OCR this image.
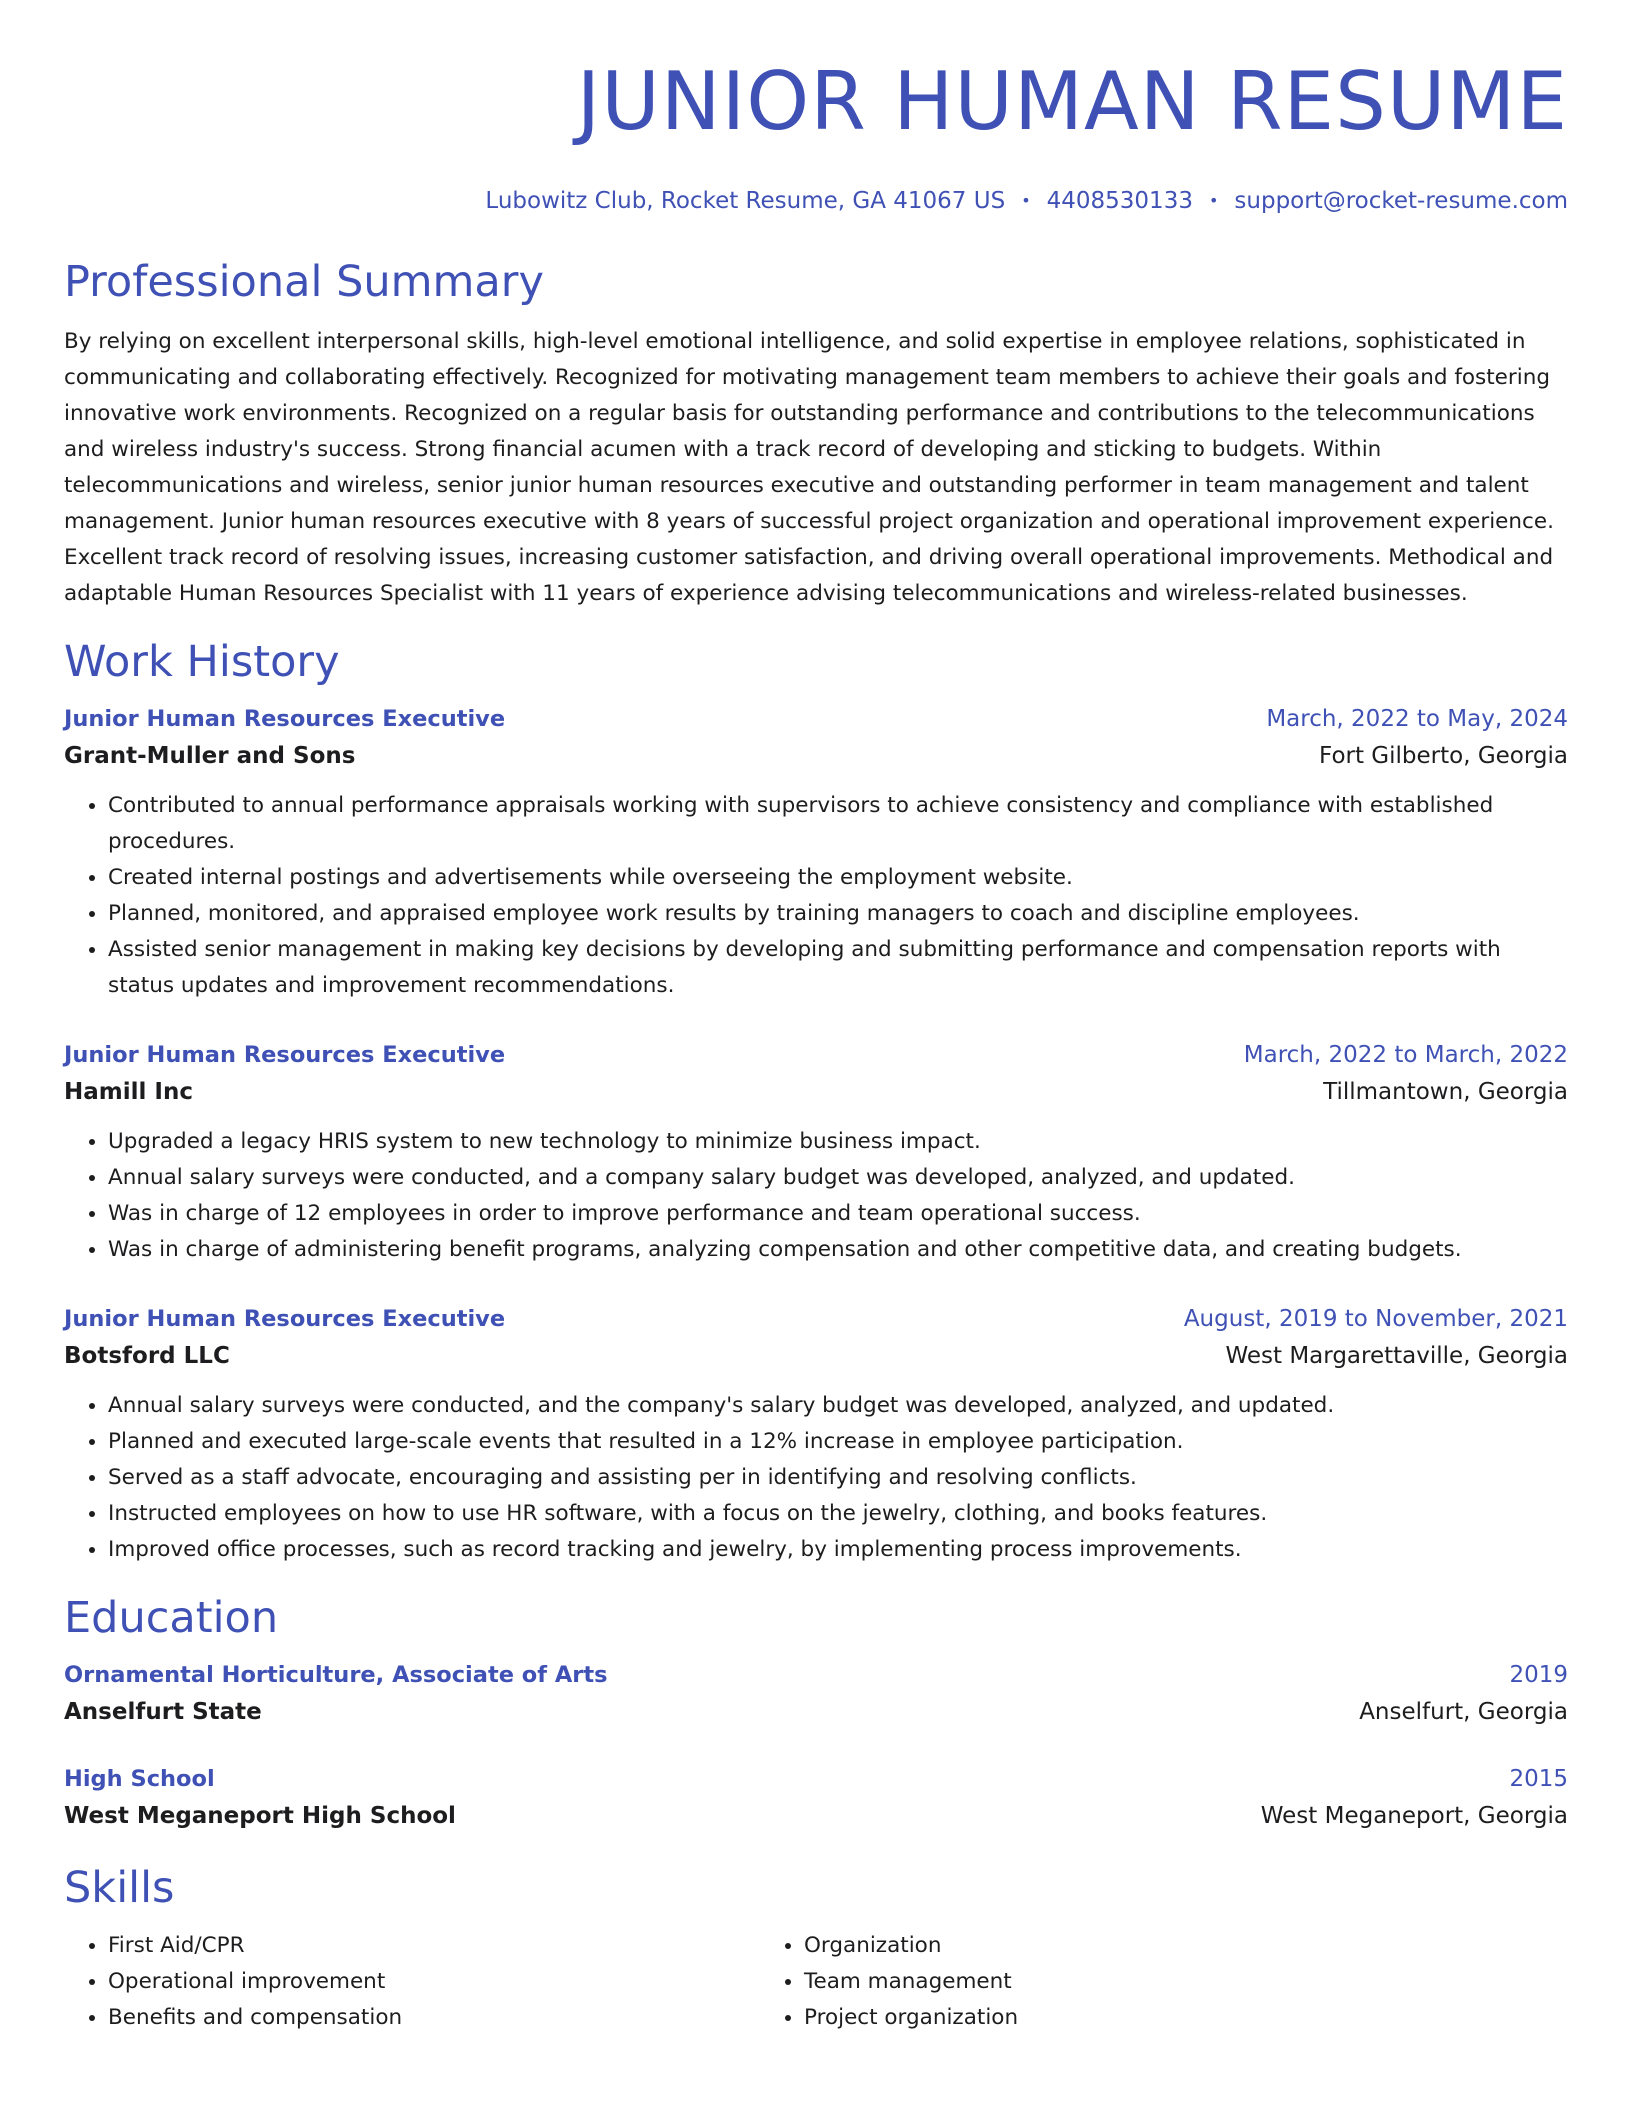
JUNIOR HUMAN RESUME
Lubowitz Club, Rocket Resume, GA 41067 US • 4408530133 • support@rocket-resume.com
Professional Summary

By relying on excellent interpersonal skills, high-level emotional intelligence, and solid expertise in employee relations, sophisticated in communicating and collaborating effectively. Recognized for motivating management team members to achieve their goals and fostering innovative work environments. Recognized on a regular basis for outstanding performance and contributions to the telecommunications and wireless industry's success. Strong financial acumen with a track record of developing and sticking to budgets. Within telecommunications and wireless, senior junior human resources executive and outstanding performer in team management and talent management. Junior human resources executive with 8 years of successful project organization and operational improvement experience. Excellent track record of resolving issues, increasing customer satisfaction, and driving overall operational improvements. Methodical and adaptable Human Resources Specialist with 11 years of experience advising telecommunications and wireless-related businesses.

Work History
Junior Human Resources Executive	March, 2022 to May, 2024
Grant-Muller and Sons	Fort Gilberto, Georgia
• Contributed to annual performance appraisals working with supervisors to achieve consistency and compliance with established procedures.
• Created internal postings and advertisements while overseeing the employment website.
• Planned, monitored, and appraised employee work results by training managers to coach and discipline employees.
• Assisted senior management in making key decisions by developing and submitting performance and compensation reports with status updates and improvement recommendations.
Junior Human Resources Executive	March, 2022 to March, 2022
Hamill Inc	Tillmantown, Georgia
• Upgraded a legacy HRIS system to new technology to minimize business impact.
• Annual salary surveys were conducted, and a company salary budget was developed, analyzed, and updated.
• Was in charge of 12 employees in order to improve performance and team operational success.
• Was in charge of administering benefit programs, analyzing compensation and other competitive data, and creating budgets.
Junior Human Resources Executive	August, 2019 to November, 2021
Botsford LLC	West Margarettaville, Georgia
• Annual salary surveys were conducted, and the company's salary budget was developed, analyzed, and updated.
• Planned and executed large-scale events that resulted in a 12% increase in employee participation.
• Served as a staff advocate, encouraging and assisting per in identifying and resolving conflicts.
• Instructed employees on how to use HR software, with a focus on the jewelry, clothing, and books features.
• Improved office processes, such as record tracking and jewelry, by implementing process improvements.
Education
Ornamental Horticulture, Associate of Arts	2019
Anselfurt State	Anselfurt, Georgia
High School	2015
West Meganeport High School	West Meganeport, Georgia
Skills
• First Aid/CPR
• Operational improvement
• Benefits and compensation
• Organization
• Team management
• Project organization
